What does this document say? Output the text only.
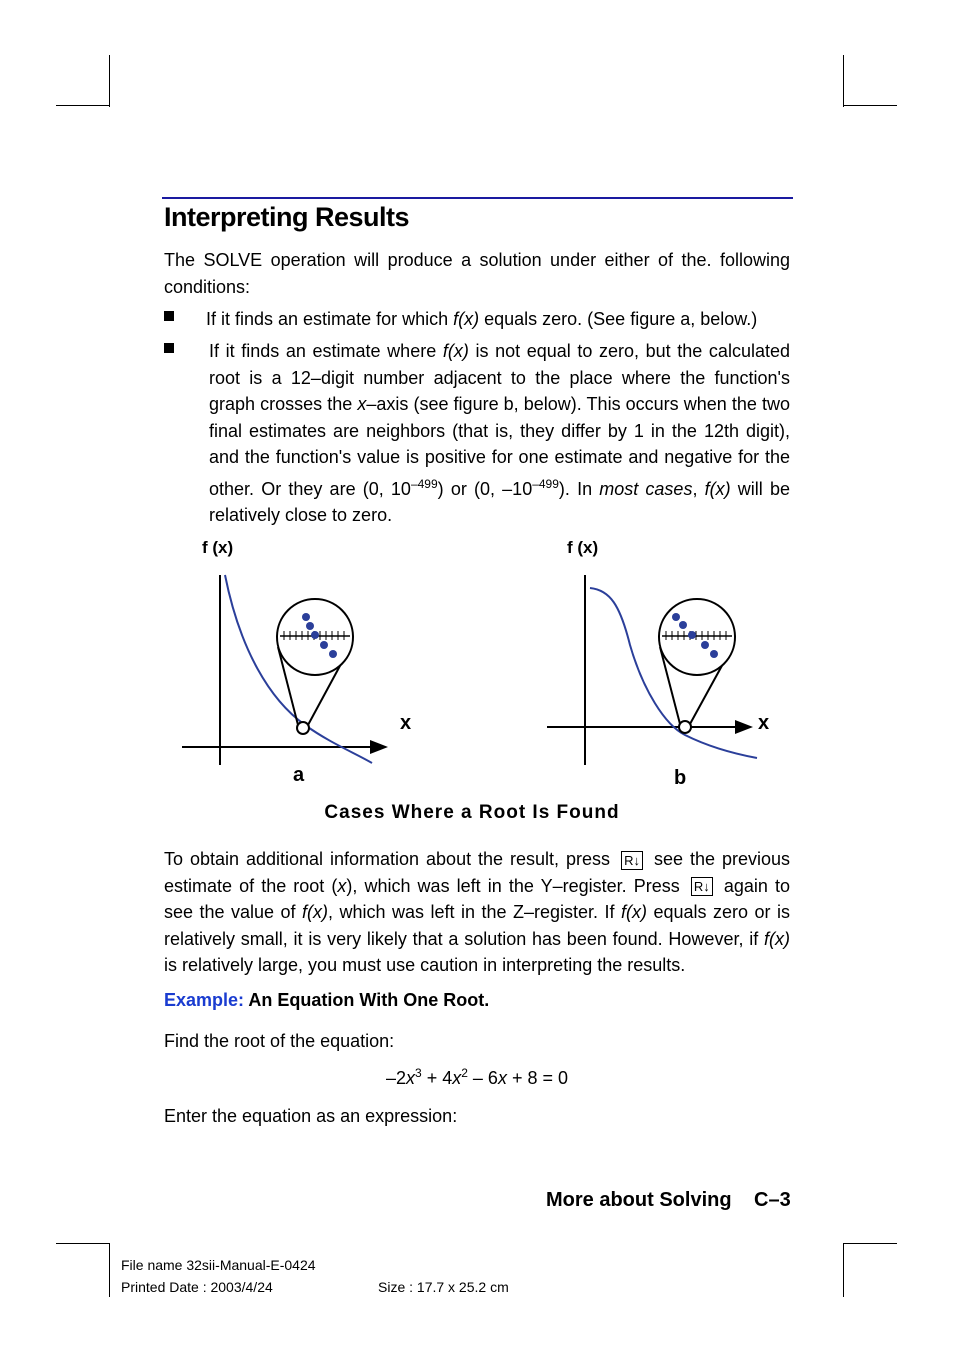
Interpreting Results
The SOLVE operation will produce a solution under either of the. following conditions:
If it finds an estimate for which f(x) equals zero. (See figure a, below.)
If it finds an estimate where f(x) is not equal to zero, but the calculated root is a 12–digit number adjacent to the place where the function's graph crosses the x–axis (see figure b, below). This occurs when the two final estimates are neighbors (that is, they differ by 1 in the 12th digit), and the function's value is positive for one estimate and negative for the other. Or they are (0, $10^{-499}$) or (0, $-10^{-499}$). In most cases, f(x) will be relatively close to zero.
f (x)
x
a
f (x)
x
b
Cases Where a Root Is Found
To obtain additional information about the result, press R↓ see the previous estimate of the root (x), which was left in the Y–register. Press R↓ again to see the value of f(x), which was left in the Z–register. If f(x) equals zero or is relatively small, it is very likely that a solution has been found. However, if f(x) is relatively large, you must use caution in interpreting the results.
Example: An Equation With One Root.
Find the root of the equation:
$-2x^3 + 4x^2 - 6x + 8 = 0$
Enter the equation as an expression:
More about Solving C–3
File name 32sii-Manual-E-0424
Printed Date : 2003/4/24	Size : 17.7 x 25.2 cm
